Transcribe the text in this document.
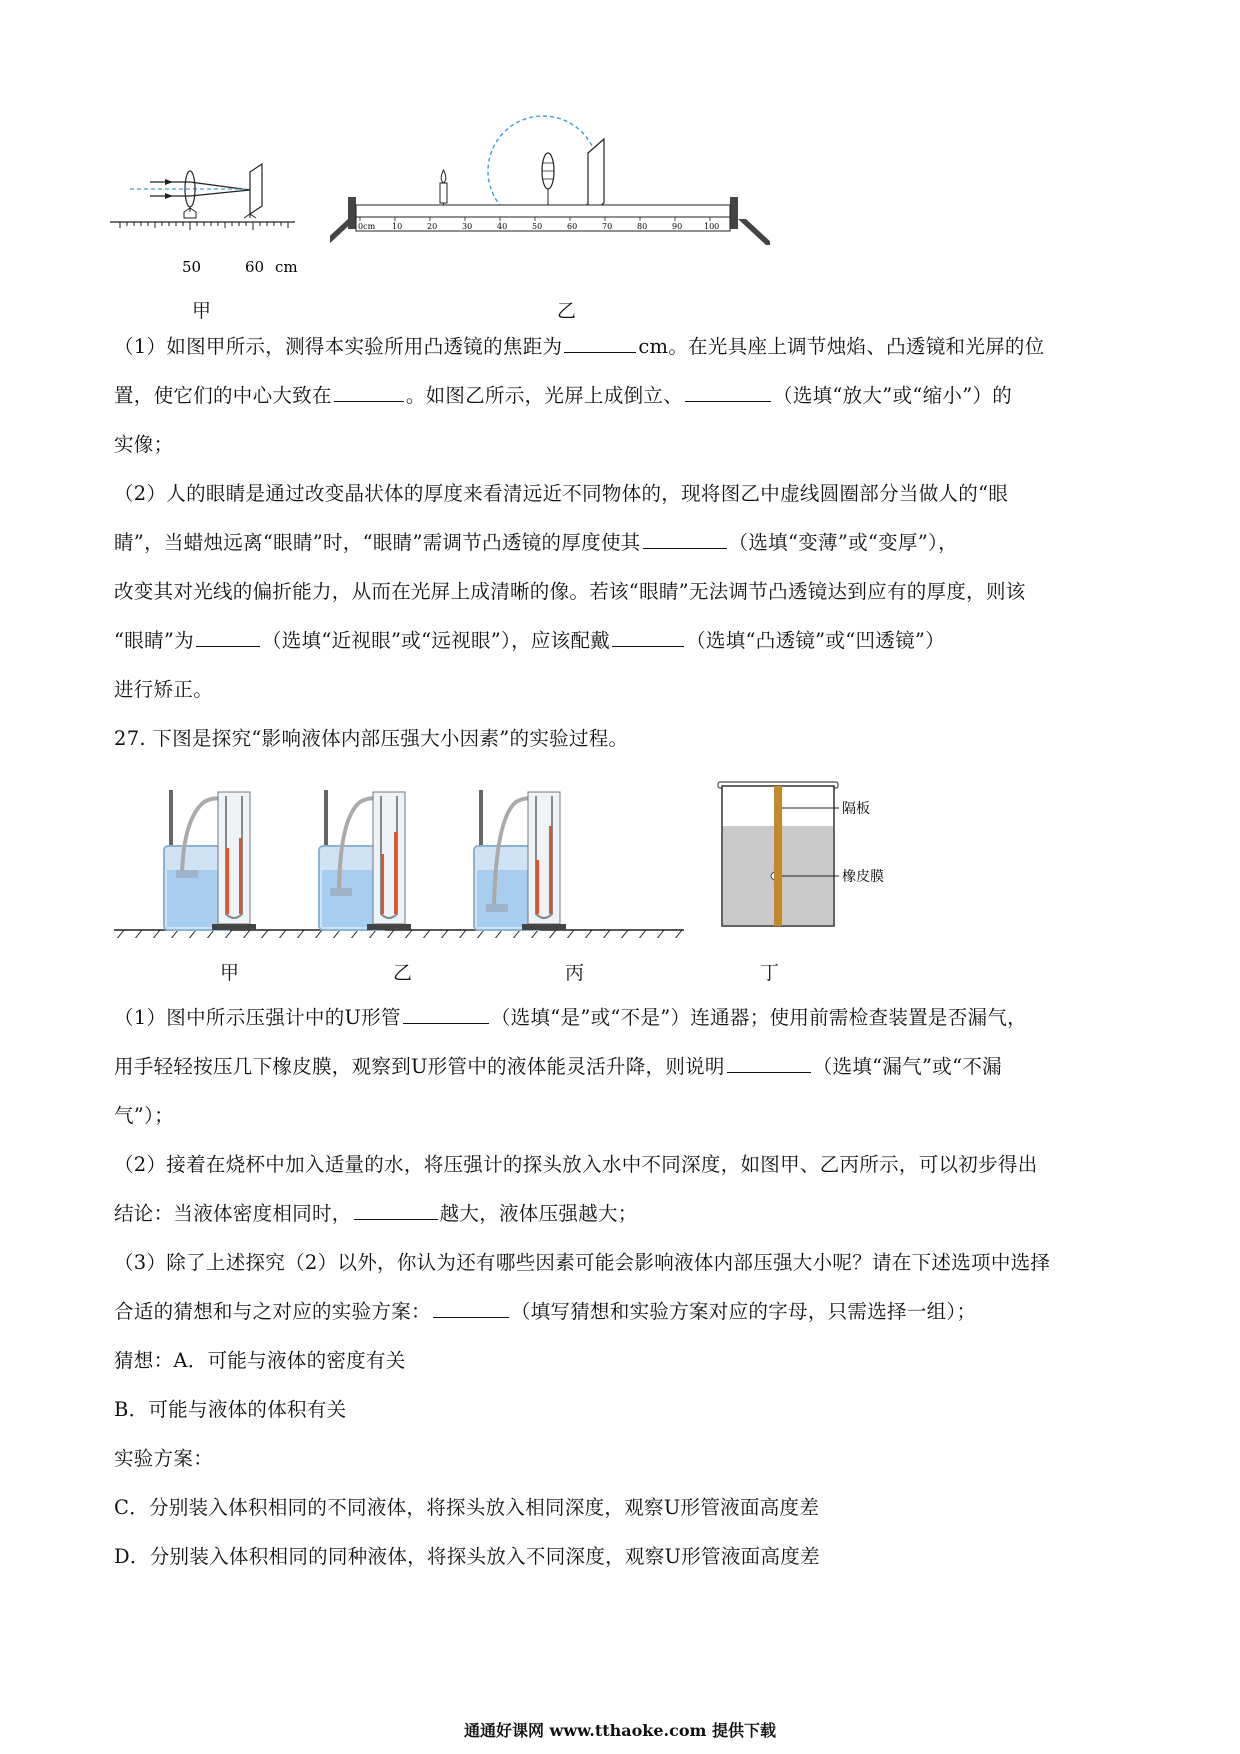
50	60 cm
甲
0cm 10	20	30	40	50	60	70	80	90	100
乙
（1）如图甲所示，测得本实验所用凸透镜的焦距为	cm。在光具座上调节烛焰、凸透镜和光屏的位
置，使它们的中心大致在	。如图乙所示，光屏上成倒立、	（选填“放大”或“缩小”）的
实像；
（2）人的眼睛是通过改变晶状体的厚度来看清远近不同物体的，现将图乙中虚线圆圈部分当做人的“眼
睛”，当蜡烛远离“眼睛”时，“眼睛”需调节凸透镜的厚度使其	（选填“变薄”或“变厚”），
改变其对光线的偏折能力，从而在光屏上成清晰的像。若该“眼睛”无法调节凸透镜达到应有的厚度，则该
“眼睛”为	（选填“近视眼”或“远视眼”），应该配戴	（选填“凸透镜”或“凹透镜”）
进行矫正。
27. 下图是探究“影响液体内部压强大小因素”的实验过程。
隔板
橡皮膜
甲	乙	丙	丁
（1）图中所示压强计中的U形管	（选填“是”或“不是”）连通器；使用前需检查装置是否漏气，
用手轻轻按压几下橡皮膜，观察到U形管中的液体能灵活升降，则说明	（选填“漏气”或“不漏
气”）；
（2）接着在烧杯中加入适量的水，将压强计的探头放入水中不同深度，如图甲、乙丙所示，可以初步得出
结论：当液体密度相同时，	越大，液体压强越大；
（3）除了上述探究（2）以外，你认为还有哪些因素可能会影响液体内部压强大小呢？请在下述选项中选择
合适的猜想和与之对应的实验方案：	（填写猜想和实验方案对应的字母，只需选择一组）；
猜想：A．可能与液体的密度有关
B．可能与液体的体积有关
实验方案：
C．分别装入体积相同的不同液体，将探头放入相同深度，观察U形管液面高度差
D．分别装入体积相同的同种液体，将探头放入不同深度，观察U形管液面高度差
通通好课网 www.tthaoke.com 提供下载
